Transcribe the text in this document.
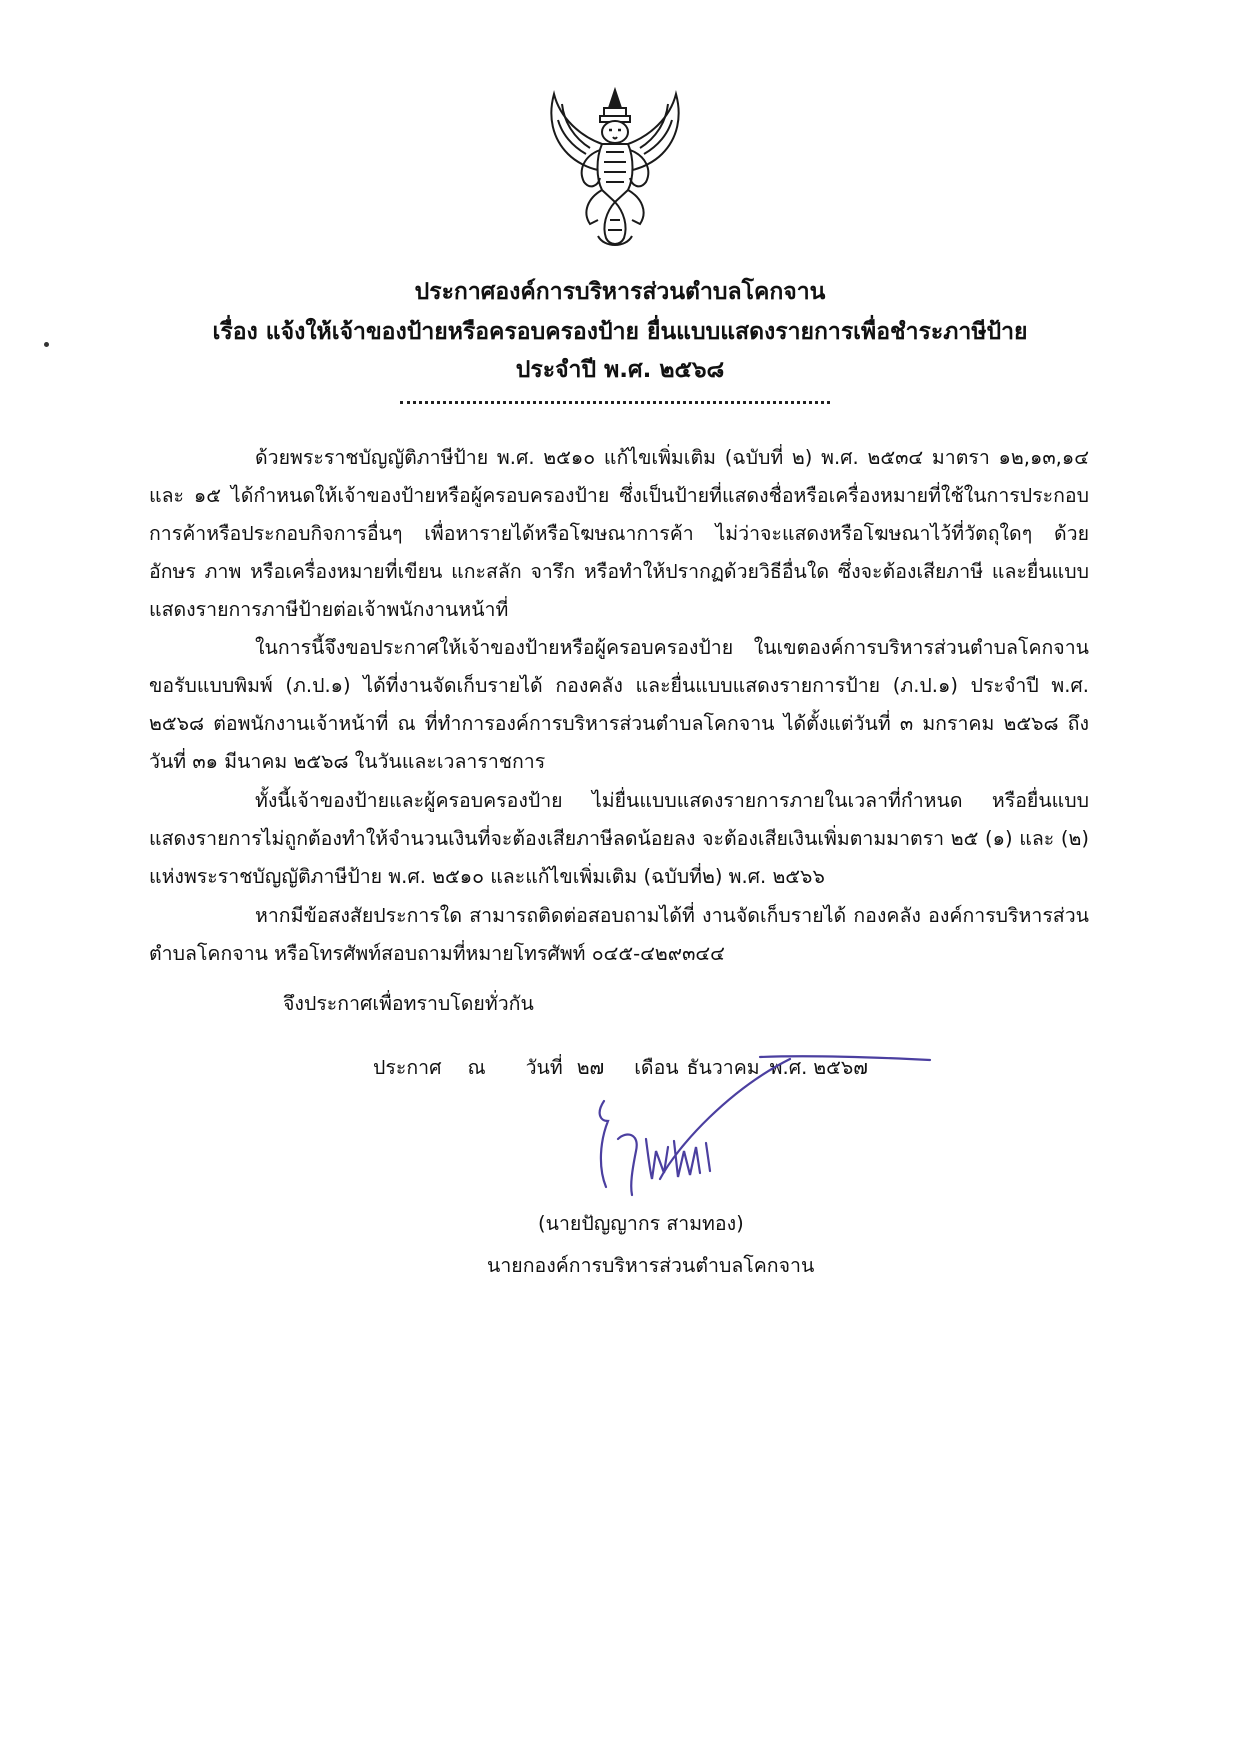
ประกาศองค์การบริหารส่วนตำบลโคกจาน
เรื่อง แจ้งให้เจ้าของป้ายหรือครอบครองป้าย ยื่นแบบแสดงรายการเพื่อชำระภาษีป้าย
ประจำปี พ.ศ. ๒๕๖๘

ด้วยพระราชบัญญัติภาษีป้าย พ.ศ. ๒๕๑๐ แก้ไขเพิ่มเติม (ฉบับที่ ๒) พ.ศ. ๒๕๓๔ มาตรา ๑๒,๑๓,๑๔ และ ๑๕ ได้กำหนดให้เจ้าของป้ายหรือผู้ครอบครองป้าย ซึ่งเป็นป้ายที่แสดงชื่อหรือเครื่องหมายที่ใช้ในการประกอบการค้าหรือประกอบกิจการอื่นๆ เพื่อหารายได้หรือโฆษณาการค้า ไม่ว่าจะแสดงหรือโฆษณาไว้ที่วัตถุใดๆ ด้วยอักษร ภาพ หรือเครื่องหมายที่เขียน แกะสลัก จารึก หรือทำให้ปรากฏด้วยวิธีอื่นใด ซึ่งจะต้องเสียภาษี และยื่นแบบแสดงรายการภาษีป้ายต่อเจ้าพนักงานหน้าที่

ในการนี้จึงขอประกาศให้เจ้าของป้ายหรือผู้ครอบครองป้าย ในเขตองค์การบริหารส่วนตำบลโคกจาน ขอรับแบบพิมพ์ (ภ.ป.๑) ได้ที่งานจัดเก็บรายได้ กองคลัง และยื่นแบบแสดงรายการป้าย (ภ.ป.๑) ประจำปี พ.ศ. ๒๕๖๘ ต่อพนักงานเจ้าหน้าที่ ณ ที่ทำการองค์การบริหารส่วนตำบลโคกจาน ได้ตั้งแต่วันที่ ๓ มกราคม ๒๕๖๘ ถึง วันที่ ๓๑ มีนาคม ๒๕๖๘ ในวันและเวลาราชการ

ทั้งนี้เจ้าของป้ายและผู้ครอบครองป้าย ไม่ยื่นแบบแสดงรายการภายในเวลาที่กำหนด หรือยื่นแบบแสดงรายการไม่ถูกต้องทำให้จำนวนเงินที่จะต้องเสียภาษีลดน้อยลง จะต้องเสียเงินเพิ่มตามมาตรา ๒๕ (๑) และ (๒) แห่งพระราชบัญญัติภาษีป้าย พ.ศ. ๒๕๑๐ และแก้ไขเพิ่มเติม (ฉบับที่๒) พ.ศ. ๒๕๖๖

หากมีข้อสงสัยประการใด สามารถติดต่อสอบถามได้ที่ งานจัดเก็บรายได้ กองคลัง องค์การบริหารส่วนตำบลโคกจาน หรือโทรศัพท์สอบถามที่หมายโทรศัพท์ ๐๔๕-๔๒๙๓๔๔

จึงประกาศเพื่อทราบโดยทั่วกัน
ประกาศ ณ วันที่ ๒๗ เดือน ธันวาคม พ.ศ. ๒๕๖๗
(นายปัญญากร สามทอง)
นายกองค์การบริหารส่วนตำบลโคกจาน
